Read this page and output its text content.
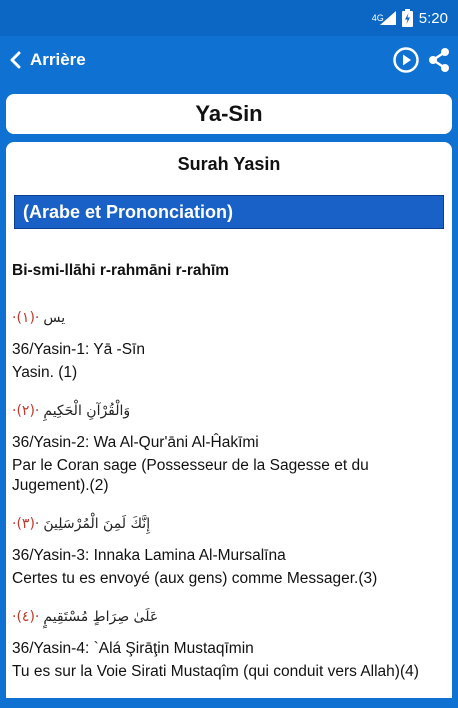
4G 5:20
Arrière
Ya-Sin
Surah Yasin
(Arabe et Prononciation)
Bi-smi-llāhi r-rahmāni r-rahīm
·(١)· يس

36/Yasin-1: Yā -Sīn

Yasin. (1)

·(٢)· وَالْقُرْآنِ الْحَكِيمِ

36/Yasin-2: Wa Al-Qur'āni Al-Ĥakīmi

Par le Coran sage (Possesseur de la Sagesse et du Jugement).(2)

·(٣)· إِنَّكَ لَمِنَ الْمُرْسَلِينَ

36/Yasin-3: Innaka Lamina Al-Mursalīna

Certes tu es envoyé (aux gens) comme Messager.(3)

·(٤)· عَلَىٰ صِرَاطٍ مُسْتَقِيمٍ

36/Yasin-4: `Alá Şirāţin Mustaqīmin

Tu es sur la Voie Sirati Mustaqîm (qui conduit vers Allah)(4)
